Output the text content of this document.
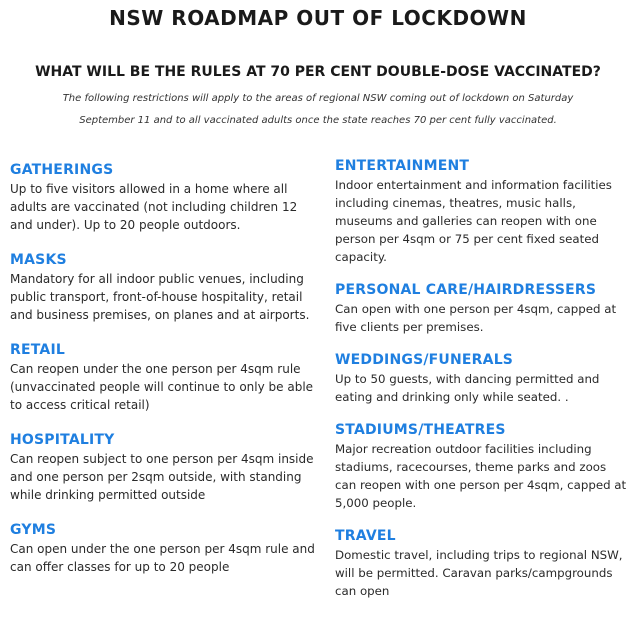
NSW ROADMAP OUT OF LOCKDOWN
WHAT WILL BE THE RULES AT 70 PER CENT DOUBLE-DOSE VACCINATED?
The following restrictions will apply to the areas of regional NSW coming out of lockdown on Saturday
September 11 and to all vaccinated adults once the state reaches 70 per cent fully vaccinated.
GATHERINGS

Up to five visitors allowed in a home where all adults are vaccinated (not including children 12 and under). Up to 20 people outdoors.

MASKS

Mandatory for all indoor public venues, including public transport, front-of-house hospitality, retail and business premises, on planes and at airports.

RETAIL

Can reopen under the one person per 4sqm rule (unvaccinated people will continue to only be able to access critical retail)

HOSPITALITY

Can reopen subject to one person per 4sqm inside and one person per 2sqm outside, with standing while drinking permitted outside

GYMS

Can open under the one person per 4sqm rule and can offer classes for up to 20 people

ENTERTAINMENT

Indoor entertainment and information facilities including cinemas, theatres, music halls, museums and galleries can reopen with one person per 4sqm or 75 per cent fixed seated capacity.

PERSONAL CARE/HAIRDRESSERS

Can open with one person per 4sqm, capped at five clients per premises.

WEDDINGS/FUNERALS

Up to 50 guests, with dancing permitted and eating and drinking only while seated. .

STADIUMS/THEATRES

Major recreation outdoor facilities including stadiums, racecourses, theme parks and zoos can reopen with one person per 4sqm, capped at 5,000 people.

TRAVEL

Domestic travel, including trips to regional NSW, will be permitted. Caravan parks/campgrounds can open
